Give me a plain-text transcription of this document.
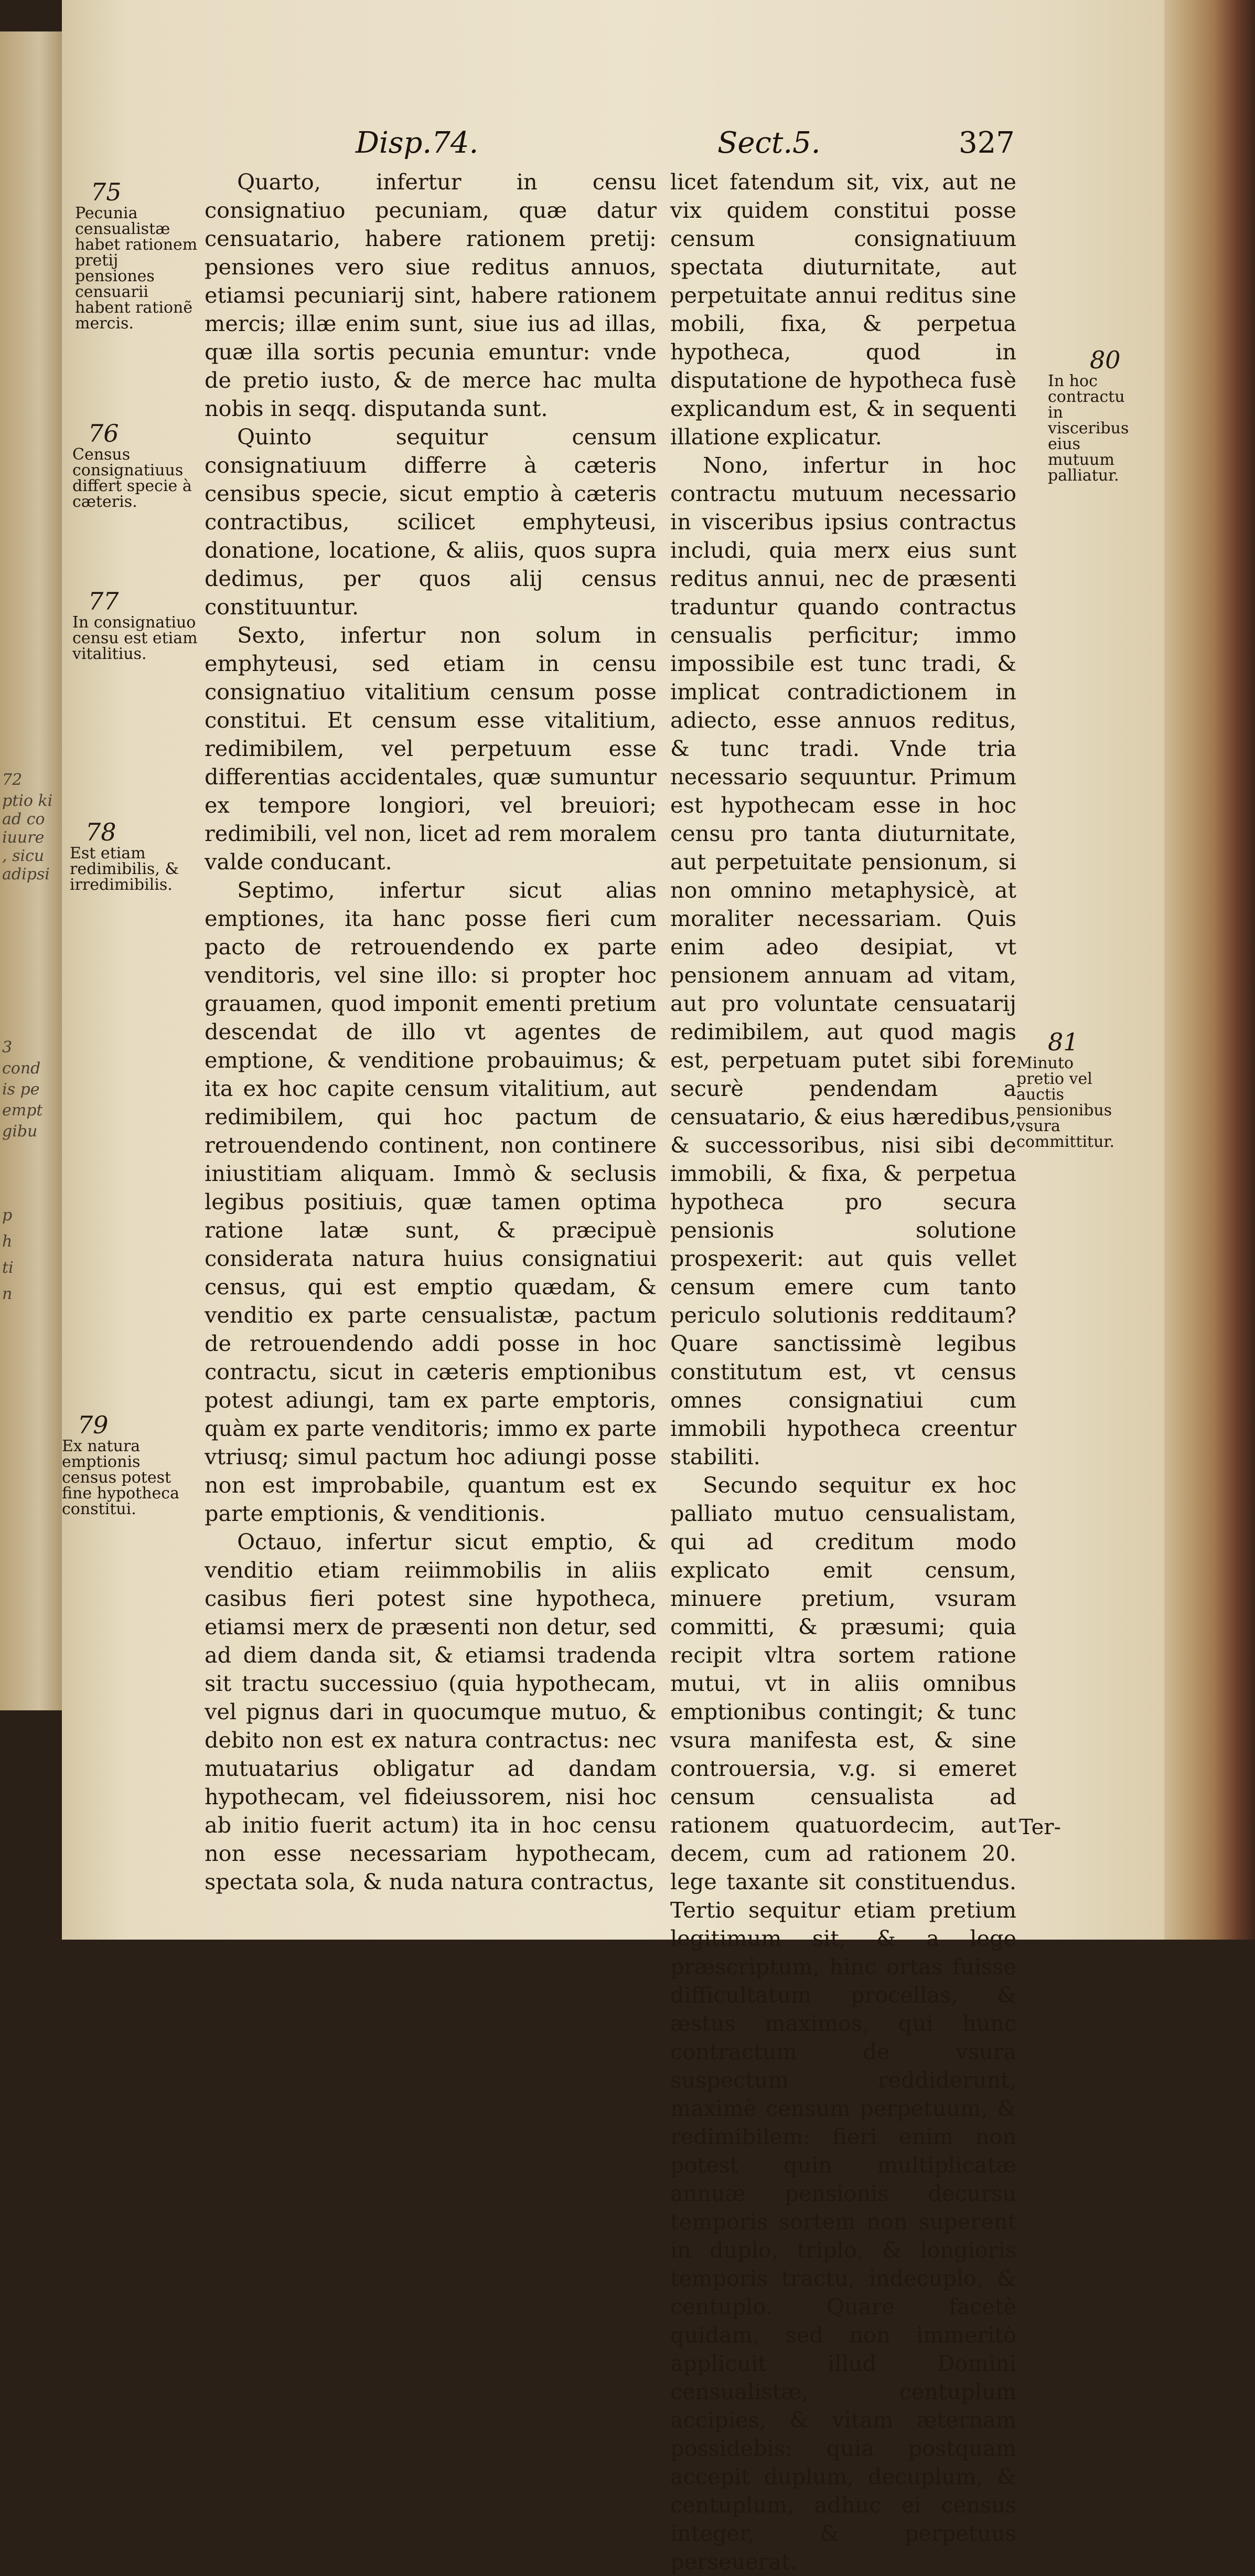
72
ptio ki
ad co
iuure
, sicu
adipsi
3
cond
is pe
empt
gibu
p
h
ti
n
Disp.74.	Sect.5.	327
75
Pecunia censualistæ habet rationem pretij pensiones censuarii habent rationẽ mercis.
76
Census consignatiuus differt specie à cæteris.
77
In consignatiuo censu est etiam vitalitius.
78
Est etiam redimibilis, & irredimibilis.
79
Ex natura emptionis census potest fine hypotheca constitui.
80
In hoc contractu in visceribus eius mutuum palliatur.
81
Minuto pretio vel auctis pensionibus vsura committitur.

Quarto, infertur in censu consignatiuo pecuniam, quæ datur censuatario, habere rationem pretij: pensiones vero siue reditus annuos, etiamsi pecuniarij sint, habere rationem mercis; illæ enim sunt, siue ius ad illas, quæ illa sortis pecunia emuntur: vnde de pretio iusto, & de merce hac multa nobis in seqq. disputanda sunt.

Quinto sequitur censum consignatiuum differre à cæteris censibus specie, sicut emptio à cæteris contractibus, scilicet emphyteusi, donatione, locatione, & aliis, quos supra dedimus, per quos alij census constituuntur.

Sexto, infertur non solum in emphyteusi, sed etiam in censu consignatiuo vitalitium censum posse constitui. Et censum esse vitalitium, redimibilem, vel perpetuum esse differentias accidentales, quæ sumuntur ex tempore longiori, vel breuiori; redimibili, vel non, licet ad rem moralem valde conducant.

Septimo, infertur sicut alias emptiones, ita hanc posse fieri cum pacto de retrouendendo ex parte venditoris, vel sine illo: si propter hoc grauamen, quod imponit ementi pretium descendat de illo vt agentes de emptione, & venditione probauimus; & ita ex hoc capite censum vitalitium, aut redimibilem, qui hoc pactum de retrouendendo continent, non continere iniustitiam aliquam. Immò & seclusis legibus positiuis, quæ tamen optima ratione latæ sunt, & præcipuè considerata natura huius consignatiui census, qui est emptio quædam, & venditio ex parte censualistæ, pactum de retrouendendo addi posse in hoc contractu, sicut in cæteris emptionibus potest adiungi, tam ex parte emptoris, quàm ex parte venditoris; immo ex parte vtriusq; simul pactum hoc adiungi posse non est improbabile, quantum est ex parte emptionis, & venditionis.

Octauo, infertur sicut emptio, & venditio etiam reiimmobilis in aliis casibus fieri potest sine hypotheca, etiamsi merx de præsenti non detur, sed ad diem danda sit, & etiamsi tradenda sit tractu successiuo (quia hypothecam, vel pignus dari in quocumque mutuo, & debito non est ex natura contractus: nec mutuatarius obligatur ad dandam hypothecam, vel fideiussorem, nisi hoc ab initio fuerit actum) ita in hoc censu non esse necessariam hypothecam, spectata sola, & nuda natura contractus,

licet fatendum sit, vix, aut ne vix quidem constitui posse censum consignatiuum spectata diuturnitate, aut perpetuitate annui reditus sine mobili, fixa, & perpetua hypotheca, quod in disputatione de hypotheca fusè explicandum est, & in sequenti illatione explicatur.

Nono, infertur in hoc contractu mutuum necessario in visceribus ipsius contractus includi, quia merx eius sunt reditus annui, nec de præsenti traduntur quando contractus censualis perficitur; immo impossibile est tunc tradi, & implicat contradictionem in adiecto, esse annuos reditus, & tunc tradi. Vnde tria necessario sequuntur. Primum est hypothecam esse in hoc censu pro tanta diuturnitate, aut perpetuitate pensionum, si non omnino metaphysicè, at moraliter necessariam. Quis enim adeo desipiat, vt pensionem annuam ad vitam, aut pro voluntate censuatarij redimibilem, aut quod magis est, perpetuam putet sibi fore securè pendendam a censuatario, & eius hæredibus, & successoribus, nisi sibi de immobili, & fixa, & perpetua hypotheca pro secura pensionis solutione prospexerit: aut quis vellet censum emere cum tanto periculo solutionis redditaum? Quare sanctissimè legibus constitutum est, vt census omnes consignatiui cum immobili hypotheca creentur stabiliti.

Secundo sequitur ex hoc palliato mutuo censualistam, qui ad creditum modo explicato emit censum, minuere pretium, vsuram committi, & præsumi; quia recipit vltra sortem ratione mutui, vt in aliis omnibus emptionibus contingit; & tunc vsura manifesta est, & sine controuersia, v.g. si emeret censum censualista ad rationem quatuordecim, aut decem, cum ad rationem 20. lege taxante sit constituendus. Tertio sequitur etiam pretium legitimum sit, & a lege præscriptum, hinc ortas fuisse difficultatum procellas, & æstus maximos, qui hunc contractum de vsura suspectum reddiderunt, maximè censum perpetuum, & redimibilem: fieri enim non potest quin multiplicatæ annuæ pensionis decursu temporis sortem non superent in duplo, triplo, & longioris temporis tractu, indecuplo, & centuplo. Quare facetè quidam, sed non immeritò applicuit illud Domini censualistæ, centuplum accipies, & vitam æternam possidebis: quia postquam accepit duplum, decuplum, & centuplum, adhuc ei census integer, & perpetuus perseuerat.

Ter-
